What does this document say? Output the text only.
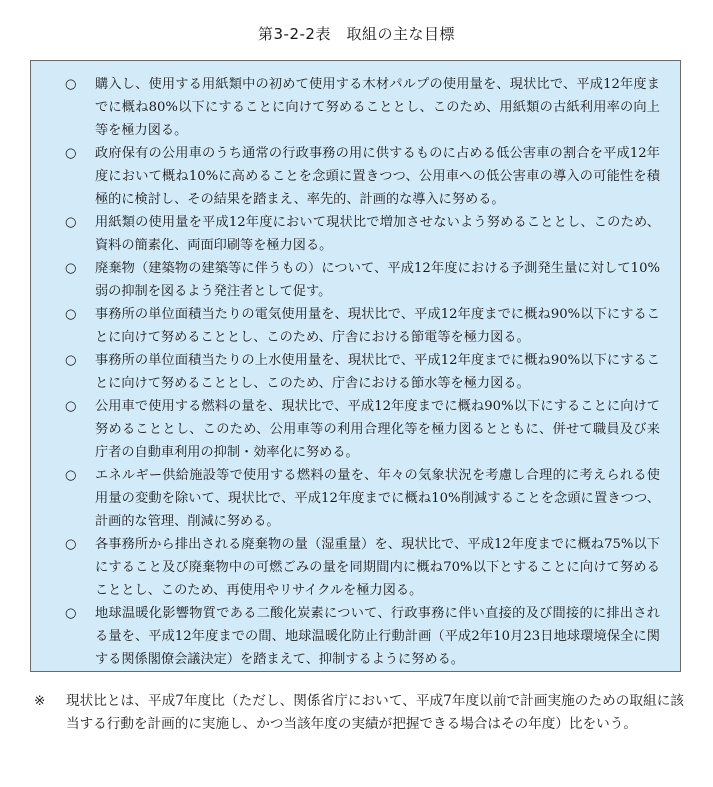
第3-2-2表　取組の主な目標
○ 購入し、使用する用紙類中の初めて使用する木材パルプの使用量を、現状比で、平成12年度までに概ね80%以下にすることに向けて努めることとし、このため、用紙類の古紙利用率の向上等を極力図る。
○ 政府保有の公用車のうち通常の行政事務の用に供するものに占める低公害車の割合を平成12年度において概ね10%に高めることを念頭に置きつつ、公用車への低公害車の導入の可能性を積極的に検討し、その結果を踏まえ、率先的、計画的な導入に努める。
○ 用紙類の使用量を平成12年度において現状比で増加させないよう努めることとし、このため、資料の簡素化、両面印刷等を極力図る。
○ 廃棄物（建築物の建築等に伴うもの）について、平成12年度における予測発生量に対して10%弱の抑制を図るよう発注者として促す。
○ 事務所の単位面積当たりの電気使用量を、現状比で、平成12年度までに概ね90%以下にすることに向けて努めることとし、このため、庁舎における節電等を極力図る。
○ 事務所の単位面積当たりの上水使用量を、現状比で、平成12年度までに概ね90%以下にすることに向けて努めることとし、このため、庁舎における節水等を極力図る。
○ 公用車で使用する燃料の量を、現状比で、平成12年度までに概ね90%以下にすることに向けて努めることとし、このため、公用車等の利用合理化等を極力図るとともに、併せて職員及び来庁者の自動車利用の抑制・効率化に努める。
○ エネルギー供給施設等で使用する燃料の量を、年々の気象状況を考慮し合理的に考えられる使用量の変動を除いて、現状比で、平成12年度までに概ね10%削減することを念頭に置きつつ、計画的な管理、削減に努める。
○ 各事務所から排出される廃棄物の量（湿重量）を、現状比で、平成12年度までに概ね75%以下にすること及び廃棄物中の可燃ごみの量を同期間内に概ね70%以下とすることに向けて努めることとし、このため、再使用やリサイクルを極力図る。
○ 地球温暖化影響物質である二酸化炭素について、行政事務に伴い直接的及び間接的に排出される量を、平成12年度までの間、地球温暖化防止行動計画（平成2年10月23日地球環境保全に関する関係閣僚会議決定）を踏まえて、抑制するように努める。
※ 現状比とは、平成7年度比（ただし、関係省庁において、平成7年度以前で計画実施のための取組に該当する行動を計画的に実施し、かつ当該年度の実績が把握できる場合はその年度）比をいう。
